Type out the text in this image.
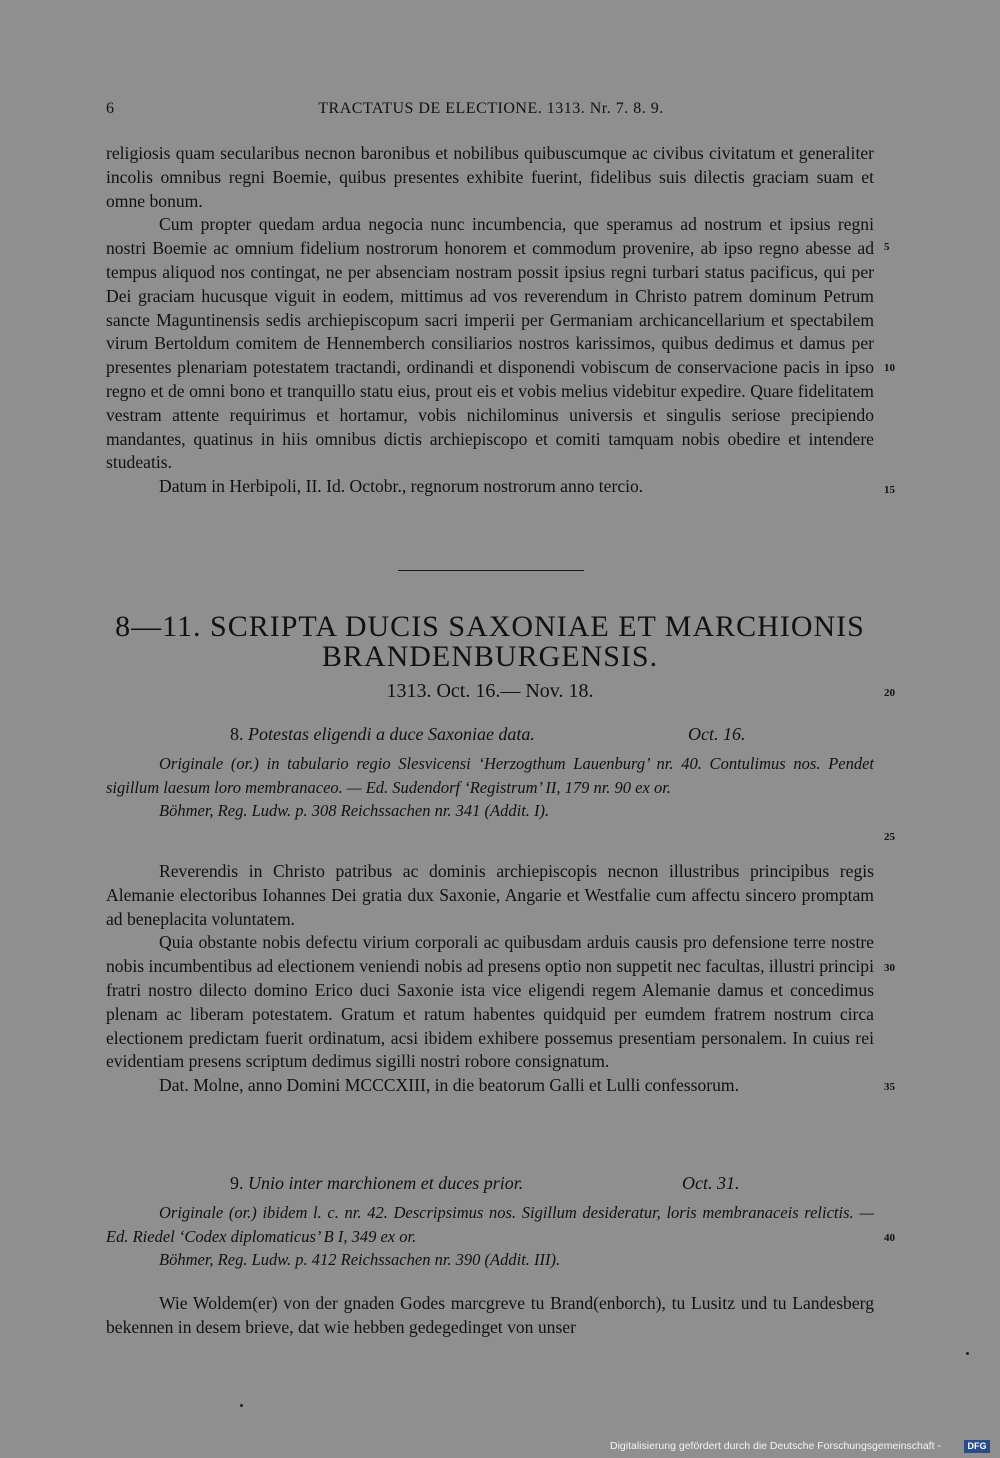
6	TRACTATUS DE ELECTIONE. 1313. Nr. 7. 8. 9.

religiosis quam secularibus necnon baronibus et nobilibus quibuscumque ac civibus civitatum et generaliter incolis omnibus regni Boemie, quibus presentes exhibite fuerint, fidelibus suis dilectis graciam suam et omne bonum.

Cum propter quedam ardua negocia nunc incumbencia, que speramus ad nostrum et ipsius regni nostri Boemie ac omnium fidelium nostrorum honorem et commodum provenire, ab ipso regno abesse ad tempus aliquod nos contingat, ne per absenciam nostram possit ipsius regni turbari status pacificus, qui per Dei graciam hucusque viguit in eodem, mittimus ad vos reverendum in Christo patrem dominum Petrum sancte Maguntinensis sedis archiepiscopum sacri imperii per Germaniam archicancellarium et spectabilem virum Bertoldum comitem de Hennemberch consiliarios nostros karissimos, quibus dedimus et damus per presentes plenariam potestatem tractandi, ordinandi et disponendi vobiscum de conservacione pacis in ipso regno et de omni bono et tranquillo statu eius, prout eis et vobis melius videbitur expedire. Quare fidelitatem vestram attente requirimus et hortamur, vobis nichilominus universis et singulis seriose precipiendo mandantes, quatinus in hiis omnibus dictis archiepiscopo et comiti tamquam nobis obedire et intendere studeatis.

Datum in Herbipoli, II. Id. Octobr., regnorum nostrorum anno tercio.

5
10
15
8—11. SCRIPTA DUCIS SAXONIAE ET MARCHIONIS
BRANDENBURGENSIS.
1313. Oct. 16.— Nov. 18.	20
8. Potestas eligendi a duce Saxoniae data.	Oct. 16.

Originale (or.) in tabulario regio Slesvicensi ‘Herzogthum Lauenburg’ nr. 40. Contulimus nos. Pendet sigillum laesum loro membranaceo. — Ed. Sudendorf ‘Registrum’ II, 179 nr. 90 ex or.

Böhmer, Reg. Ludw. p. 308 Reichssachen nr. 341 (Addit. I).

25

Reverendis in Christo patribus ac dominis archiepiscopis necnon illustribus principibus regis Alemanie electoribus Iohannes Dei gratia dux Saxonie, Angarie et Westfalie cum affectu sincero promptam ad beneplacita voluntatem.

Quia obstante nobis defectu virium corporali ac quibusdam arduis causis pro defensione terre nostre nobis incumbentibus ad electionem veniendi nobis ad presens optio non suppetit nec facultas, illustri principi fratri nostro dilecto domino Erico duci Saxonie ista vice eligendi regem Alemanie damus et concedimus plenam ac liberam potestatem. Gratum et ratum habentes quidquid per eumdem fratrem nostrum circa electionem predictam fuerit ordinatum, acsi ibidem exhibere possemus presentiam personalem. In cuius rei evidentiam presens scriptum dedimus sigilli nostri robore consignatum.

Dat. Molne, anno Domini MCCCXIII, in die beatorum Galli et Lulli confessorum.

30
35
9. Unio inter marchionem et duces prior.	Oct. 31.

Originale (or.) ibidem l. c. nr. 42. Descripsimus nos. Sigillum desideratur, loris membranaceis relictis. — Ed. Riedel ‘Codex diplomaticus’ B I, 349 ex or.

Böhmer, Reg. Ludw. p. 412 Reichssachen nr. 390 (Addit. III).

40

Wie Woldem(er) von der gnaden Godes marcgreve tu Brand(enborch), tu Lusitz und tu Landesberg bekennen in desem brieve, dat wie hebben gedegedinget von unser

Digitalisierung gefördert durch die Deutsche Forschungsgemeinschaft -	DFG
